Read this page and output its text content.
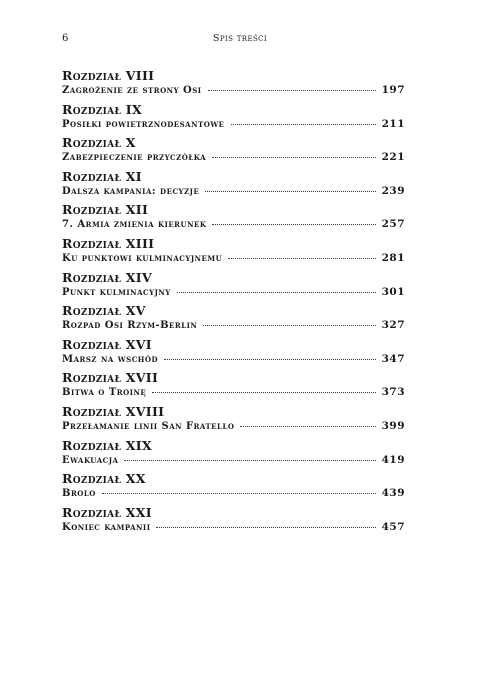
6	Spis treści
Rozdział VIII
Zagrożenie ze strony Osi	197
Rozdział IX
Posiłki powietrznodesantowe	211
Rozdział X
Zabezpieczenie przyczółka	221
Rozdział XI
Dalsza kampania: decyzje	239
Rozdział XII
7. Armia zmienia kierunek	257
Rozdział XIII
Ku punktowi kulminacyjnemu	281
Rozdział XIV
Punkt kulminacyjny	301
Rozdział XV
Rozpad Osi Rzym-Berlin	327
Rozdział XVI
Marsz na wschód	347
Rozdział XVII
Bitwa o Troinę	373
Rozdział XVIII
Przełamanie linii San Fratello	399
Rozdział XIX
Ewakuacja	419
Rozdział XX
Brolo	439
Rozdział XXI
Koniec kampanii	457
